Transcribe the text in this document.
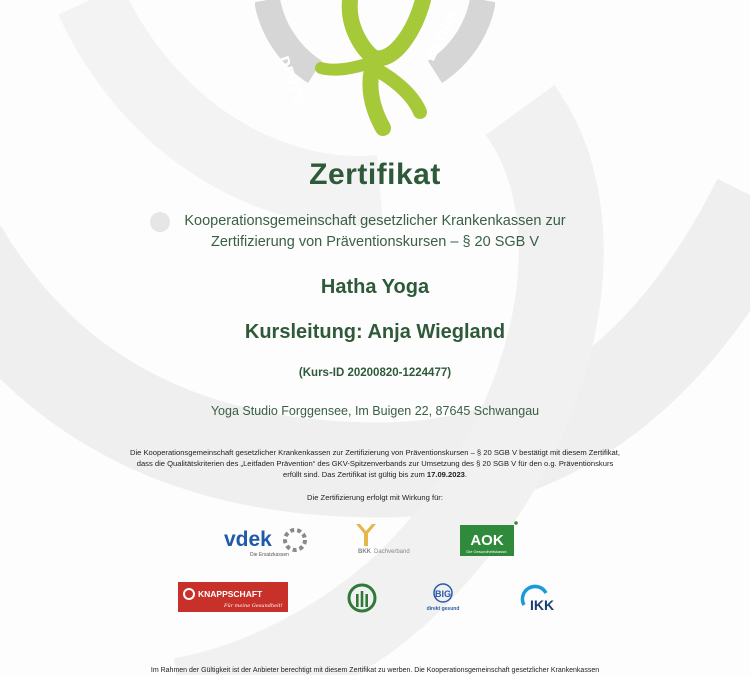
DEUTS
ENTION
Zertifikat
Kooperationsgemeinschaft gesetzlicher Krankenkassen zur
Zertifizierung von Präventionskursen – § 20 SGB V
Hatha Yoga
Kursleitung: Anja Wiegland
(Kurs-ID 20200820-1224477)
Yoga Studio Forggensee, Im Buigen 22, 87645 Schwangau
Die Kooperationsgemeinschaft gesetzlicher Krankenkassen zur Zertifizierung von Präventionskursen – § 20 SGB V bestätigt mit diesem Zertifikat,
dass die Qualitätskriterien des „Leitfaden Prävention“ des GKV-Spitzenverbands zur Umsetzung des § 20 SGB V für den o.g. Präventionskurs
erfüllt sind. Das Zertifikat ist gültig bis zum 17.09.2023.
Die Zertifizierung erfolgt mit Wirkung für:
vdek
Die Ersatzkassen	BKK Dachverband
AOK
Die Gesundheitskasse.
KNAPPSCHAFT
Für meine Gesundheit!
BIG
direkt gesund	IKK
Im Rahmen der Gültigkeit ist der Anbieter berechtigt mit diesem Zertifikat zu werben. Die Kooperationsgemeinschaft gesetzlicher Krankenkassen
